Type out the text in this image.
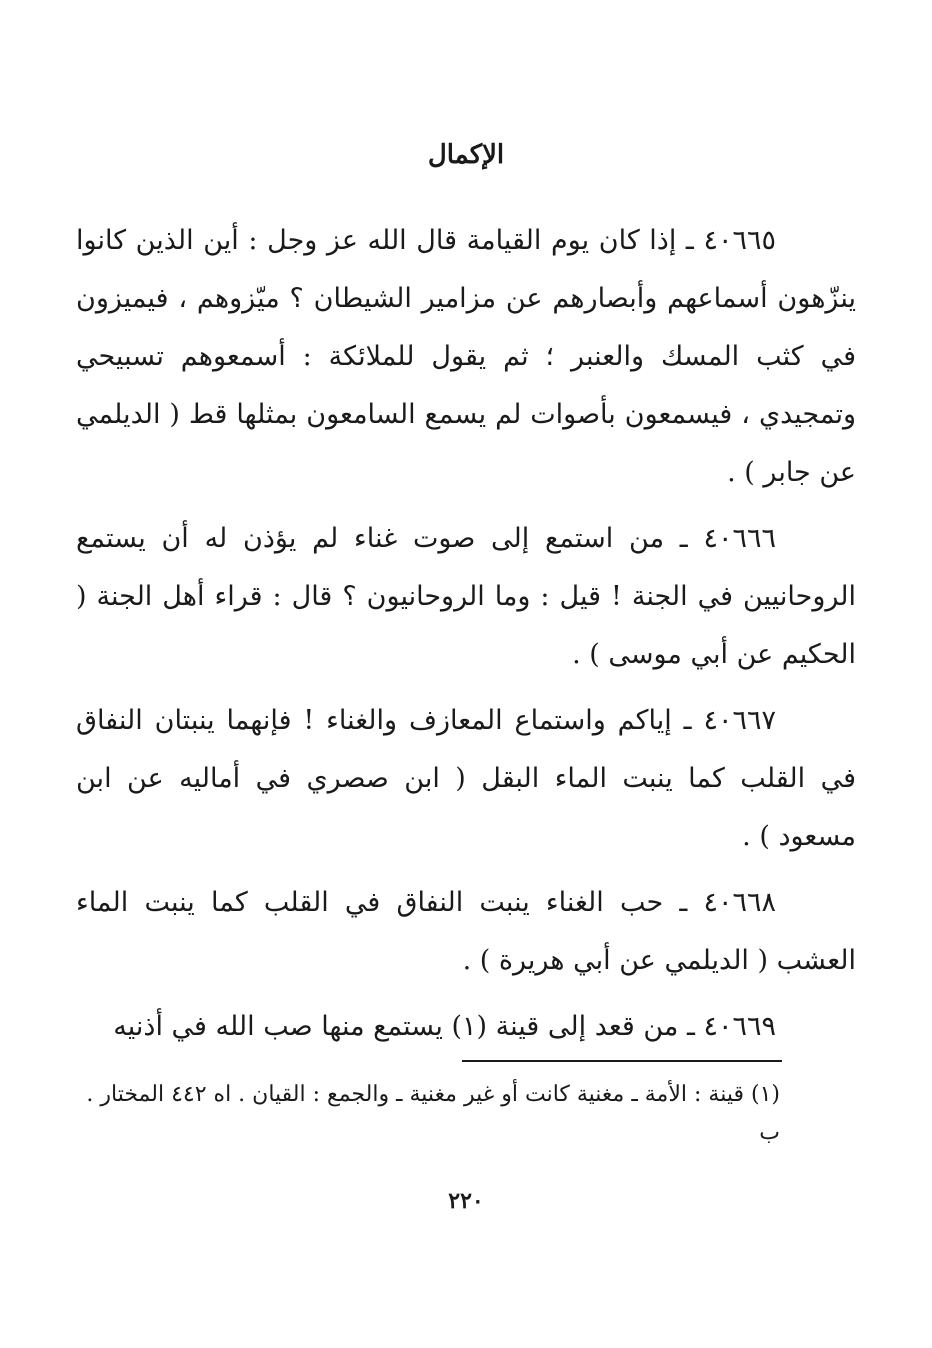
الإكمال

٤٠٦٦٥ ـ إذا كان يوم القيامة قال الله عز وجل : أين الذين كانوا ينزّهون أسماعهم وأبصارهم عن مزامير الشيطان ؟ ميّزوهم ، فيميزون في كثب المسك والعنبر ؛ ثم يقول للملائكة : أسمعوهم تسبيحي وتمجيدي ، فيسمعون بأصوات لم يسمع السامعون بمثلها قط ( الديلمي عن جابر ) .

٤٠٦٦٦ ـ من استمع إلى صوت غناء لم يؤذن له أن يستمع الروحانيين في الجنة ! قيل : وما الروحانيون ؟ قال : قراء أهل الجنة ( الحكيم عن أبي موسى ) .

٤٠٦٦٧ ـ إياكم واستماع المعازف والغناء ! فإنهما ينبتان النفاق في القلب كما ينبت الماء البقل ( ابن صصري في أماليه عن ابن مسعود ) .

٤٠٦٦٨ ـ حب الغناء ينبت النفاق في القلب كما ينبت الماء العشب ( الديلمي عن أبي هريرة ) .

٤٠٦٦٩ ـ من قعد إلى قينة (١) يستمع منها صب الله في أذنيه

(١) قينة : الأمة ـ مغنية كانت أو غير مغنية ـ والجمع : القيان . اه ٤٤٢ المختار . ب
٢٢٠
